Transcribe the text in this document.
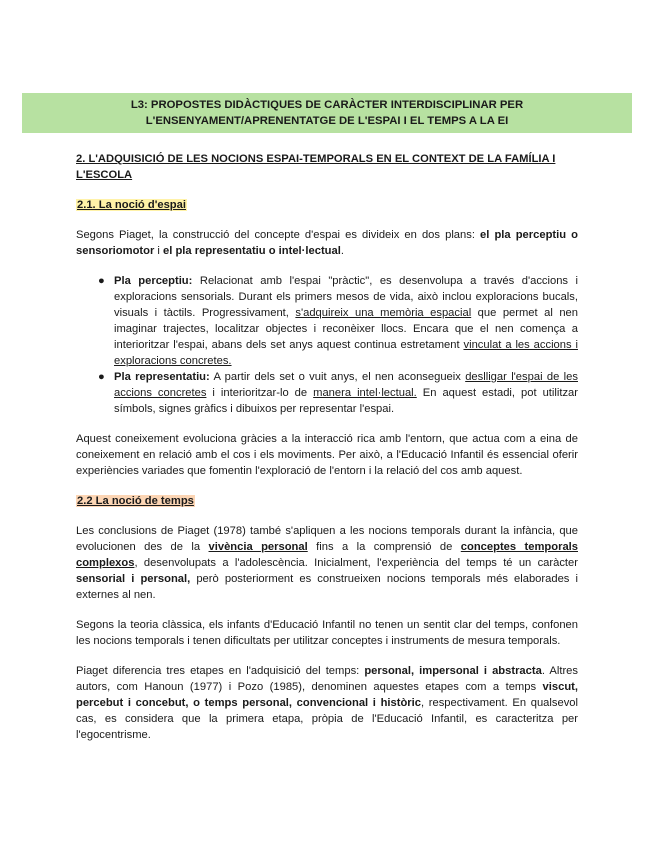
L3: PROPOSTES DIDÀCTIQUES DE CARÀCTER INTERDISCIPLINAR PER
L'ENSENYAMENT/APRENENTATGE DE L'ESPAI I EL TEMPS A LA EI
2. L'ADQUISICIÓ DE LES NOCIONS ESPAI-TEMPORALS EN EL CONTEXT DE LA FAMÍLIA I L'ESCOLA
2.1. La noció d'espai

Segons Piaget, la construcció del concepte d'espai es divideix en dos plans: el pla perceptiu o sensoriomotor i el pla representatiu o intel·lectual.

● Pla perceptiu: Relacionat amb l'espai "pràctic", es desenvolupa a través d'accions i exploracions sensorials. Durant els primers mesos de vida, això inclou exploracions bucals, visuals i tàctils. Progressivament, s'adquireix una memòria espacial que permet al nen imaginar trajectes, localitzar objectes i reconèixer llocs. Encara que el nen comença a interioritzar l'espai, abans dels set anys aquest continua estretament vinculat a les accions i exploracions concretes.
● Pla representatiu: A partir dels set o vuit anys, el nen aconsegueix deslligar l'espai de les accions concretes i interioritzar-lo de manera intel·lectual. En aquest estadi, pot utilitzar símbols, signes gràfics i dibuixos per representar l'espai.

Aquest coneixement evoluciona gràcies a la interacció rica amb l'entorn, que actua com a eina de coneixement en relació amb el cos i els moviments. Per això, a l'Educació Infantil és essencial oferir experiències variades que fomentin l'exploració de l'entorn i la relació del cos amb aquest.

2.2 La noció de temps

Les conclusions de Piaget (1978) també s'apliquen a les nocions temporals durant la infància, que evolucionen des de la vivència personal fins a la comprensió de conceptes temporals complexos, desenvolupats a l'adolescència. Inicialment, l'experiència del temps té un caràcter sensorial i personal, però posteriorment es construeixen nocions temporals més elaborades i externes al nen.

Segons la teoria clàssica, els infants d'Educació Infantil no tenen un sentit clar del temps, confonen les nocions temporals i tenen dificultats per utilitzar conceptes i instruments de mesura temporals.

Piaget diferencia tres etapes en l'adquisició del temps: personal, impersonal i abstracta. Altres autors, com Hanoun (1977) i Pozo (1985), denominen aquestes etapes com a temps viscut, percebut i concebut, o temps personal, convencional i històric, respectivament. En qualsevol cas, es considera que la primera etapa, pròpia de l'Educació Infantil, es caracteritza per l'egocentrisme.
